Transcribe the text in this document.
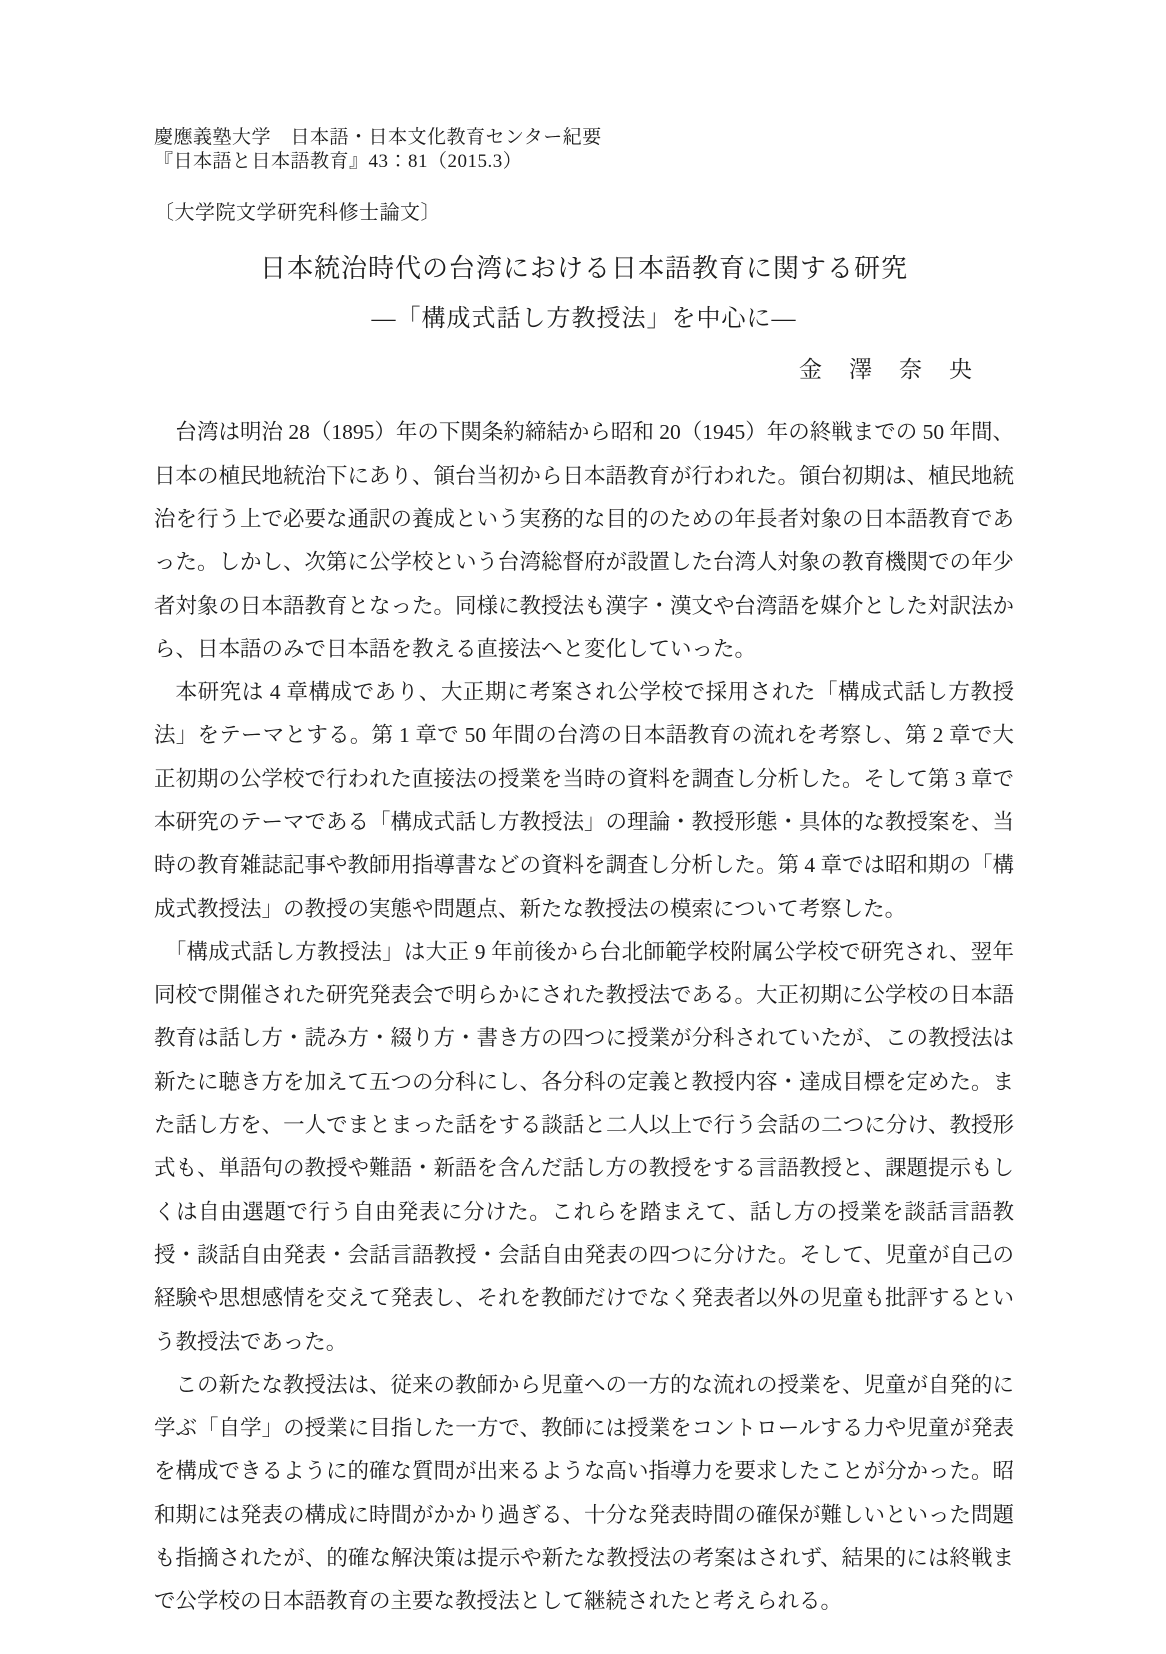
慶應義塾大学　日本語・日本文化教育センター紀要
『日本語と日本語教育』43：81（2015.3）
〔大学院文学研究科修士論文〕
日本統治時代の台湾における日本語教育に関する研究
―「構成式話し方教授法」を中心に―
金　澤　奈　央

台湾は明治 28（1895）年の下関条約締結から昭和 20（1945）年の終戦までの 50 年間、日本の植民地統治下にあり、領台当初から日本語教育が行われた。領台初期は、植民地統治を行う上で必要な通訳の養成という実務的な目的のための年長者対象の日本語教育であった。しかし、次第に公学校という台湾総督府が設置した台湾人対象の教育機関での年少者対象の日本語教育となった。同様に教授法も漢字・漢文や台湾語を媒介とした対訳法から、日本語のみで日本語を教える直接法へと変化していった。

本研究は 4 章構成であり、大正期に考案され公学校で採用された「構成式話し方教授法」をテーマとする。第 1 章で 50 年間の台湾の日本語教育の流れを考察し、第 2 章で大正初期の公学校で行われた直接法の授業を当時の資料を調査し分析した。そして第 3 章で本研究のテーマである「構成式話し方教授法」の理論・教授形態・具体的な教授案を、当時の教育雑誌記事や教師用指導書などの資料を調査し分析した。第 4 章では昭和期の「構成式教授法」の教授の実態や問題点、新たな教授法の模索について考察した。

「構成式話し方教授法」は大正 9 年前後から台北師範学校附属公学校で研究され、翌年同校で開催された研究発表会で明らかにされた教授法である。大正初期に公学校の日本語教育は話し方・読み方・綴り方・書き方の四つに授業が分科されていたが、この教授法は新たに聴き方を加えて五つの分科にし、各分科の定義と教授内容・達成目標を定めた。また話し方を、一人でまとまった話をする談話と二人以上で行う会話の二つに分け、教授形式も、単語句の教授や難語・新語を含んだ話し方の教授をする言語教授と、課題提示もしくは自由選題で行う自由発表に分けた。これらを踏まえて、話し方の授業を談話言語教授・談話自由発表・会話言語教授・会話自由発表の四つに分けた。そして、児童が自己の経験や思想感情を交えて発表し、それを教師だけでなく発表者以外の児童も批評するという教授法であった。

この新たな教授法は、従来の教師から児童への一方的な流れの授業を、児童が自発的に学ぶ「自学」の授業に目指した一方で、教師には授業をコントロールする力や児童が発表を構成できるように的確な質問が出来るような高い指導力を要求したことが分かった。昭和期には発表の構成に時間がかかり過ぎる、十分な発表時間の確保が難しいといった問題も指摘されたが、的確な解決策は提示や新たな教授法の考案はされず、結果的には終戦まで公学校の日本語教育の主要な教授法として継続されたと考えられる。
